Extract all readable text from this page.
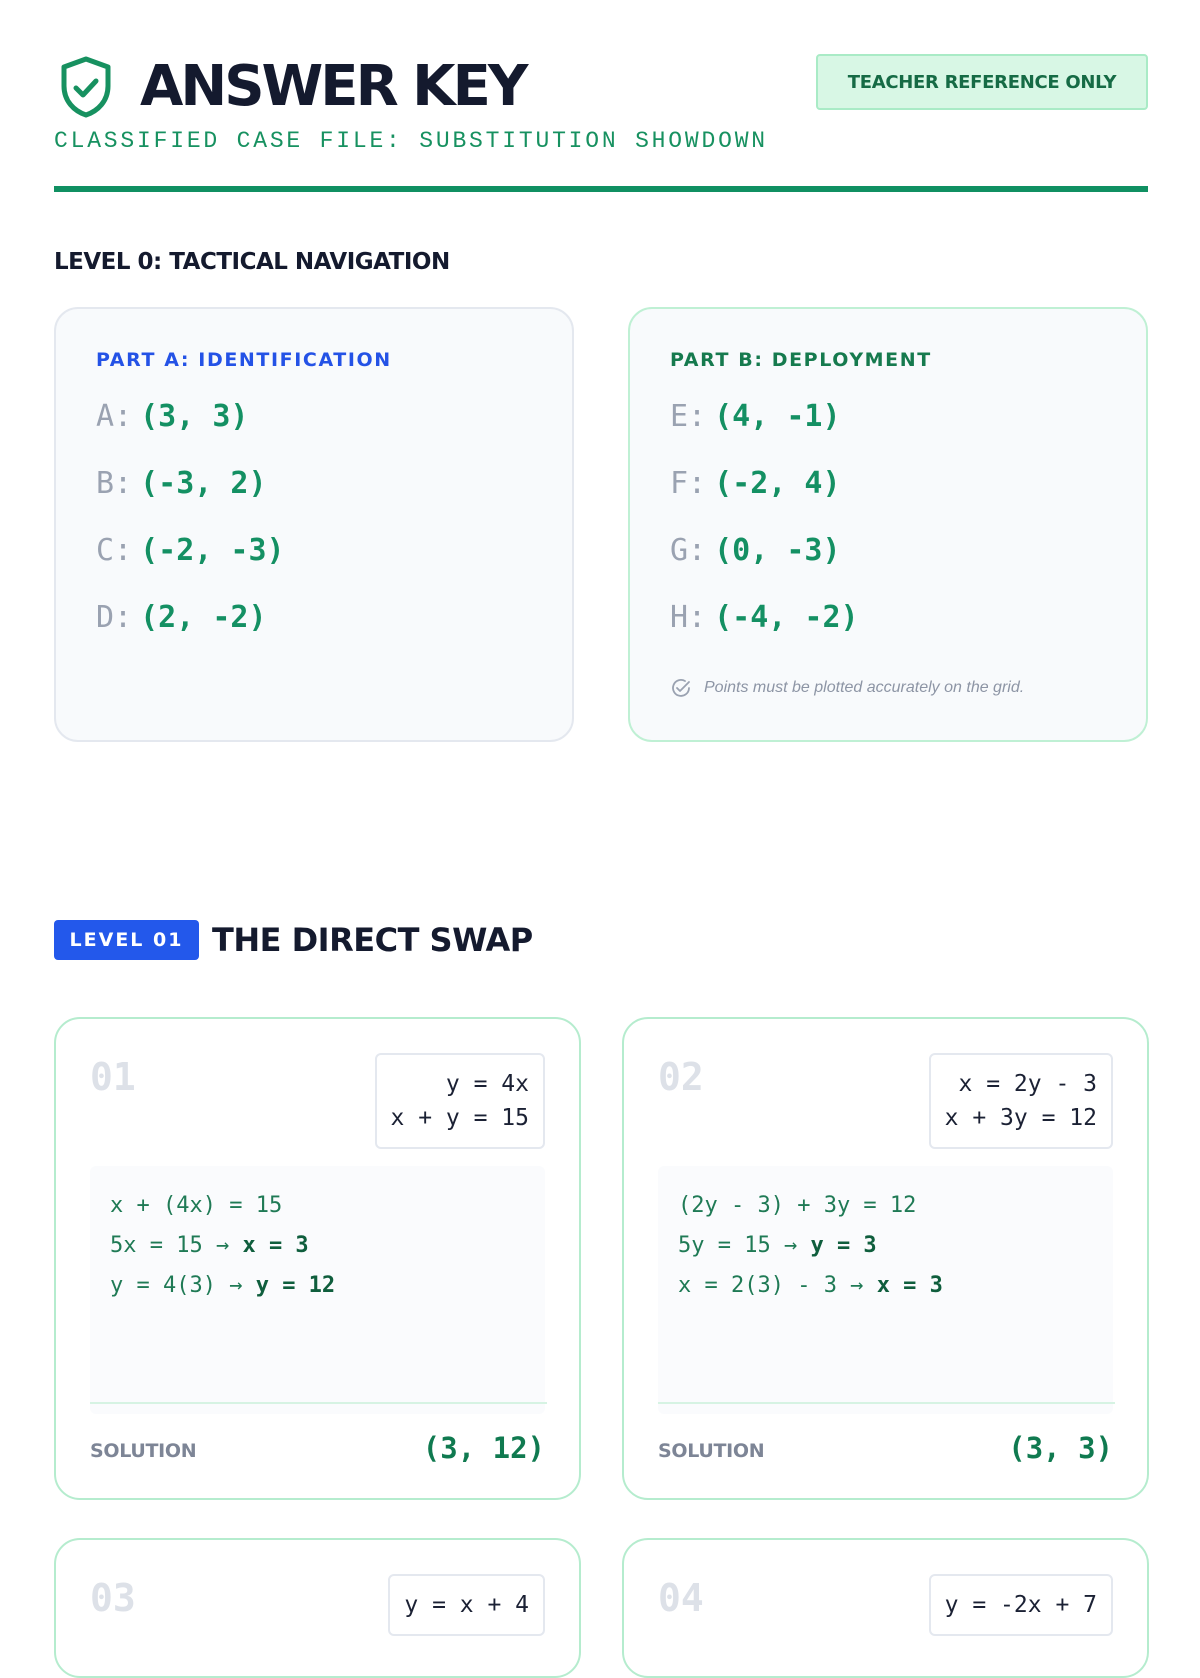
ANSWER KEY
CLASSIFIED CASE FILE: SUBSTITUTION SHOWDOWN
TEACHER REFERENCE ONLY
LEVEL 0: TACTICAL NAVIGATION
PART A: IDENTIFICATION
A: (3, 3)
B: (-3, 2)
C: (-2, -3)
D: (2, -2)
PART B: DEPLOYMENT
E: (4, -1)
F: (-2, 4)
G: (0, -3)
H: (-4, -2)
Points must be plotted accurately on the grid.
LEVEL 01 THE DIRECT SWAP
01	y = 4x
x + y = 15
x + (4x) = 15
5x = 15 → x = 3
y = 4(3) → y = 12
SOLUTION	(3, 12)
02	x = 2y - 3
x + 3y = 12
(2y - 3) + 3y = 12
5y = 15 → y = 3
x = 2(3) - 3 → x = 3
SOLUTION	(3, 3)
03	y = x + 4	04	y = -2x + 7
